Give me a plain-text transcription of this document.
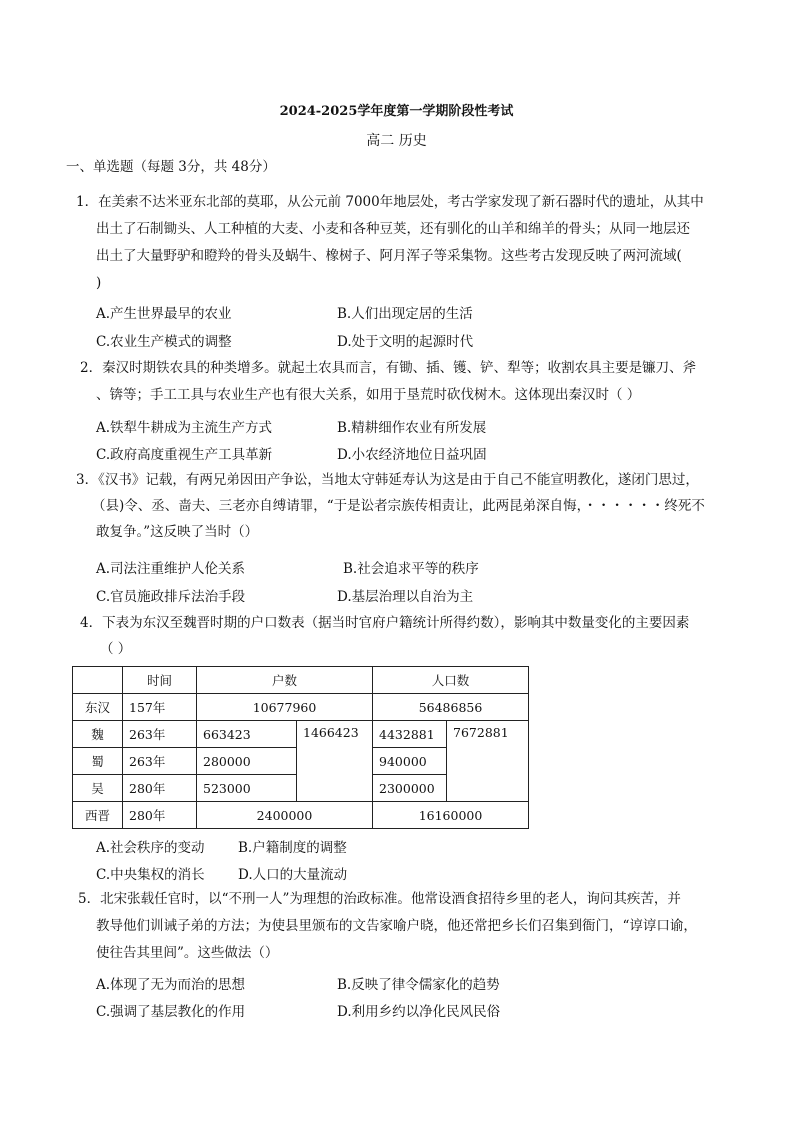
2024-2025学年度第一学期阶段性考试
高二 历史
一、单选题（每题 3分，共 48分）
1．在美索不达米亚东北部的莫耶，从公元前 7000年地层处，考古学家发现了新石器时代的遗址，从其中
出土了石制锄头、人工种植的大麦、小麦和各种豆荚，还有驯化的山羊和绵羊的骨头；从同一地层还
出土了大量野驴和瞪羚的骨头及蜗牛、橡树子、阿月浑子等采集物。这些考古发现反映了两河流域(
)
A.产生世界最早的农业	B.人们出现定居的生活
C.农业生产模式的调整	D.处于文明的起源时代
2．秦汉时期铁农具的种类增多。就起土农具而言，有锄、插、镬、铲、犁等；收割农具主要是镰刀、斧
、锛等；手工工具与农业生产也有很大关系，如用于垦荒时砍伐树木。这体现出秦汉时（ ）
A.铁犁牛耕成为主流生产方式	B.精耕细作农业有所发展
C.政府高度重视生产工具革新	D.小农经济地位日益巩固
3．《汉书》记载，有两兄弟因田产争讼，当地太守韩延寿认为这是由于自己不能宣明教化，遂闭门思过，
（县)令、丞、啬夫、三老亦自缚请罪，“于是讼者宗族传相责让，此两昆弟深自悔，・・・・・・终死不
敢复争。”这反映了当时（）
A.司法注重维护人伦关系	B.社会追求平等的秩序
C.官员施政排斥法治手段	D.基层治理以自治为主
4．下表为东汉至魏晋时期的户口数表（据当时官府户籍统计所得约数），影响其中数量变化的主要因素
（ ）
	时间	户数		人口数	
东汉	157年	10677960		56486856	
魏	263年	663423	1466423	4432881	7672881
蜀	263年	280000		940000	
吴	280年	523000		2300000	
西晋	280年	2400000		16160000	
A.社会秩序的变动 B.户籍制度的调整
C.中央集权的消长 D.人口的大量流动
5．北宋张载任官时，以“不刑一人”为理想的治政标准。他常设酒食招待乡里的老人，询问其疾苦，并
教导他们训诫子弟的方法；为使县里颁布的文告家喻户晓，他还常把乡长们召集到衙门，“谆谆口谕，
使往告其里闾”。这些做法（）
A.体现了无为而治的思想	B.反映了律令儒家化的趋势
C.强调了基层教化的作用	D.利用乡约以净化民风民俗
